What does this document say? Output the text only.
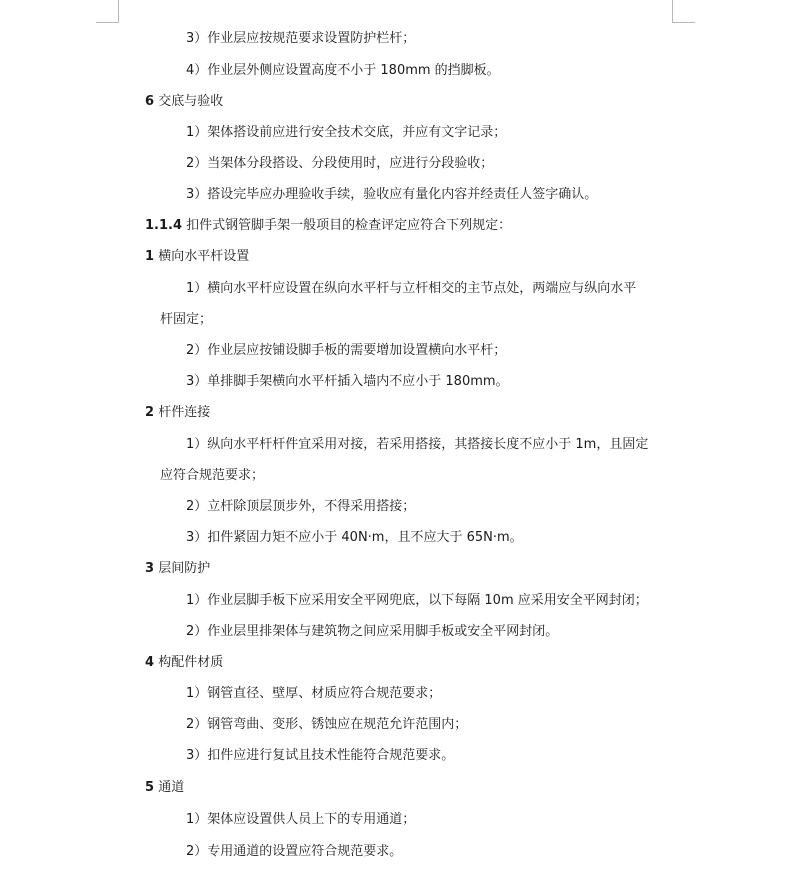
3）作业层应按规范要求设置防护栏杆；
4）作业层外侧应设置高度不小于 180mm 的挡脚板。
6 交底与验收
1）架体搭设前应进行安全技术交底，并应有文字记录；
2）当架体分段搭设、分段使用时，应进行分段验收；
3）搭设完毕应办理验收手续，验收应有量化内容并经责任人签字确认。
1.1.4 扣件式钢管脚手架一般项目的检查评定应符合下列规定：
1 横向水平杆设置
1）横向水平杆应设置在纵向水平杆与立杆相交的主节点处，两端应与纵向水平
杆固定；
2）作业层应按铺设脚手板的需要增加设置横向水平杆；
3）单排脚手架横向水平杆插入墙内不应小于 180mm。
2 杆件连接
1）纵向水平杆杆件宜采用对接，若采用搭接，其搭接长度不应小于 1m，且固定
应符合规范要求；
2）立杆除顶层顶步外，不得采用搭接；
3）扣件紧固力矩不应小于 40N·m，且不应大于 65N·m。
3 层间防护
1）作业层脚手板下应采用安全平网兜底，以下每隔 10m 应采用安全平网封闭；
2）作业层里排架体与建筑物之间应采用脚手板或安全平网封闭。
4 构配件材质
1）钢管直径、壁厚、材质应符合规范要求；
2）钢管弯曲、变形、锈蚀应在规范允许范围内；
3）扣件应进行复试且技术性能符合规范要求。
5 通道
1）架体应设置供人员上下的专用通道；
2）专用通道的设置应符合规范要求。
